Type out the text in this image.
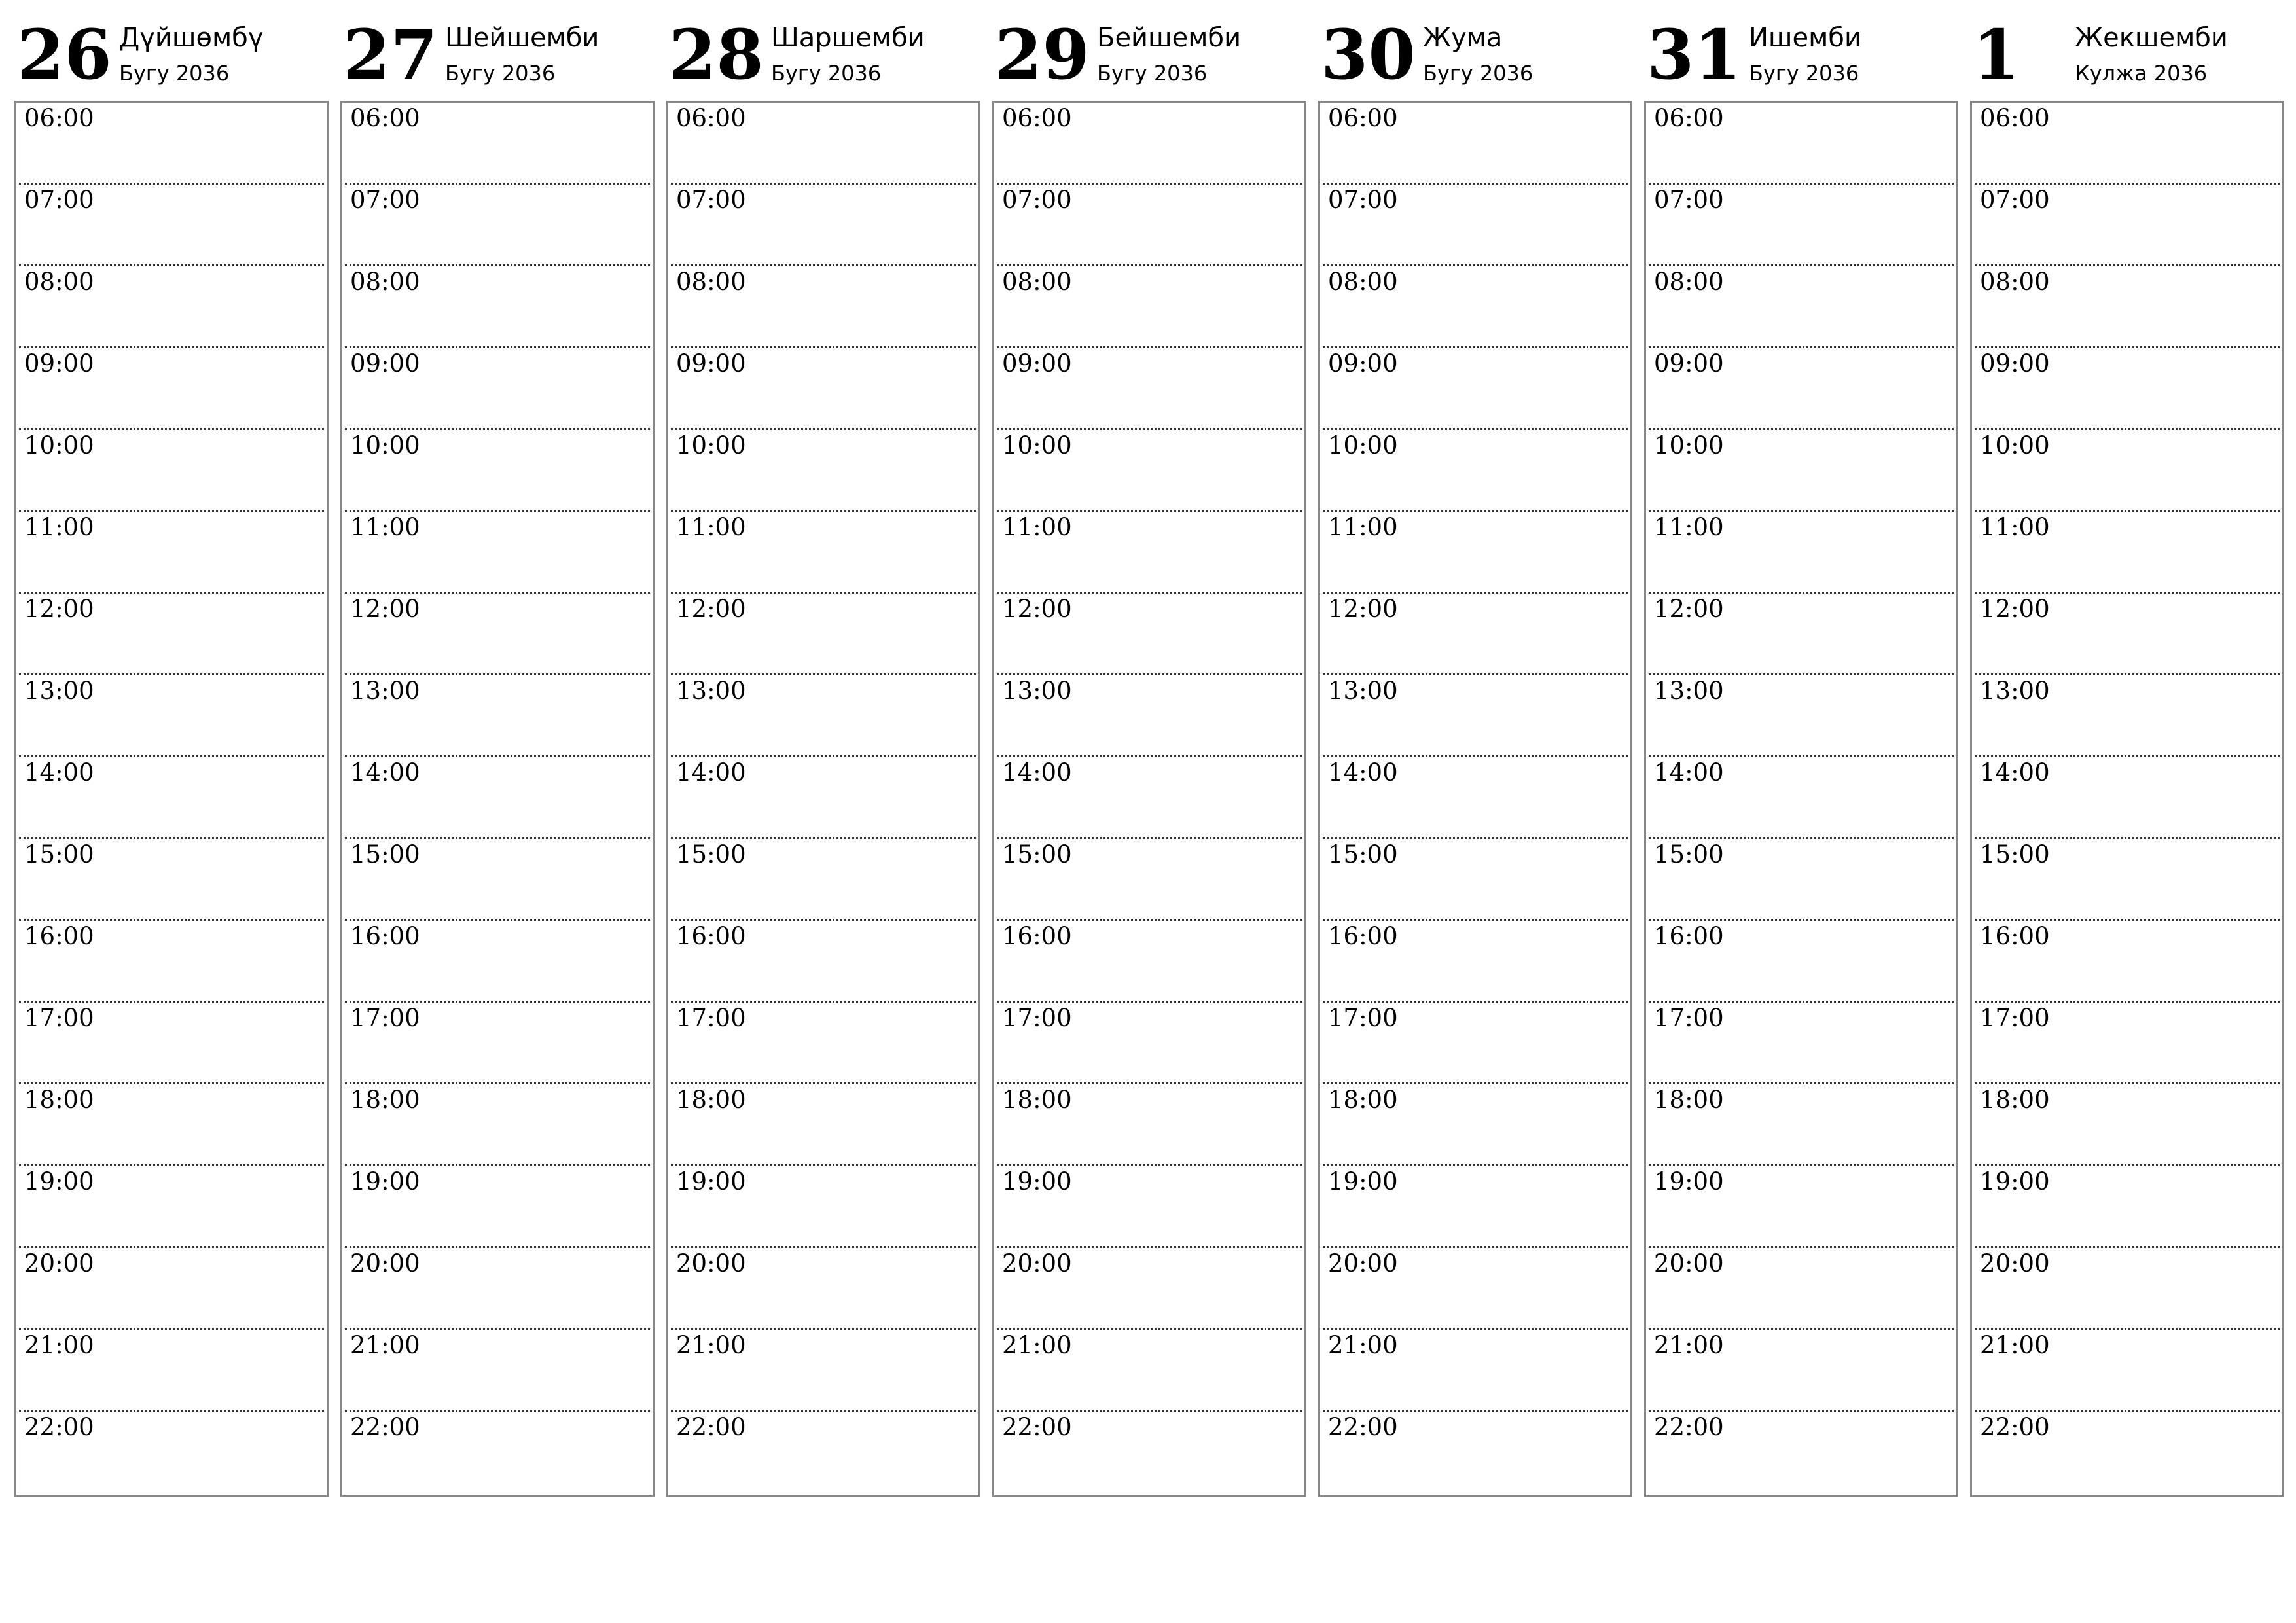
26 Дүйшөмбү
Бугу 2036
06:00
07:00
08:00
09:00
10:00
11:00
12:00
13:00
14:00
15:00
16:00
17:00
18:00
19:00
20:00
21:00
22:00
27 Шейшемби
Бугу 2036
06:00
07:00
08:00
09:00
10:00
11:00
12:00
13:00
14:00
15:00
16:00
17:00
18:00
19:00
20:00
21:00
22:00
28 Шаршемби
Бугу 2036
06:00
07:00
08:00
09:00
10:00
11:00
12:00
13:00
14:00
15:00
16:00
17:00
18:00
19:00
20:00
21:00
22:00
29 Бейшемби
Бугу 2036
06:00
07:00
08:00
09:00
10:00
11:00
12:00
13:00
14:00
15:00
16:00
17:00
18:00
19:00
20:00
21:00
22:00
30 Жума
Бугу 2036
06:00
07:00
08:00
09:00
10:00
11:00
12:00
13:00
14:00
15:00
16:00
17:00
18:00
19:00
20:00
21:00
22:00
31 Ишемби
Бугу 2036
06:00
07:00
08:00
09:00
10:00
11:00
12:00
13:00
14:00
15:00
16:00
17:00
18:00
19:00
20:00
21:00
22:00
1 Жекшемби
Кулжа 2036
06:00
07:00
08:00
09:00
10:00
11:00
12:00
13:00
14:00
15:00
16:00
17:00
18:00
19:00
20:00
21:00
22:00
